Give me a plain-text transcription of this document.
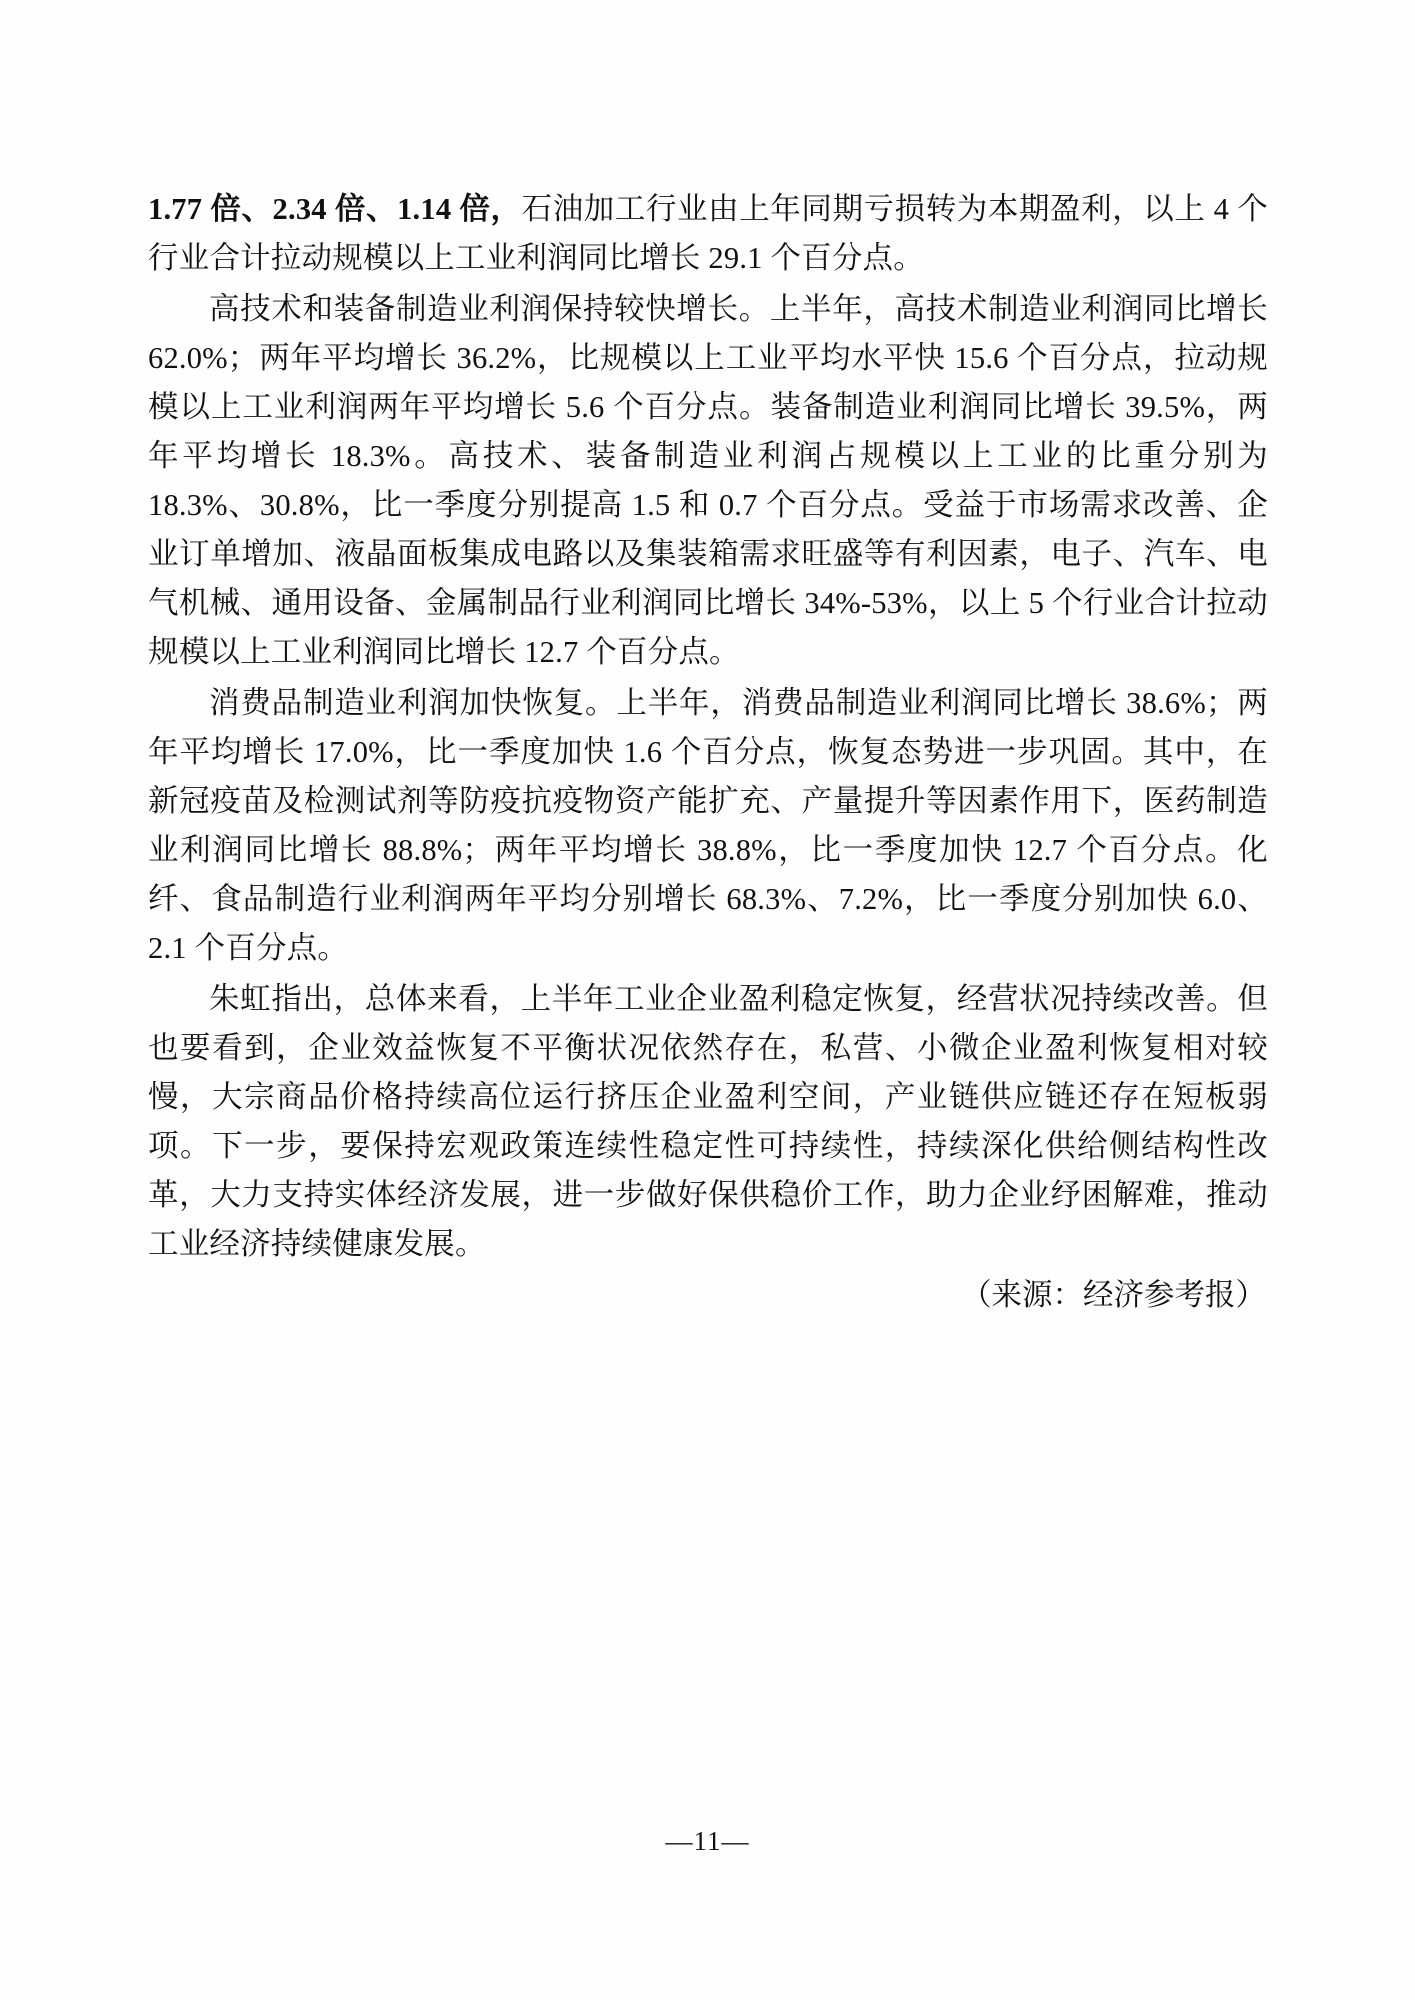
1.77 倍、2.34 倍、1.14 倍，石油加工行业由上年同期亏损转为本期盈利，以上 4 个行业合计拉动规模以上工业利润同比增长 29.1 个百分点。

高技术和装备制造业利润保持较快增长。上半年，高技术制造业利润同比增长 62.0%；两年平均增长 36.2%，比规模以上工业平均水平快 15.6 个百分点，拉动规模以上工业利润两年平均增长 5.6 个百分点。装备制造业利润同比增长 39.5%，两年平均增长 18.3%。高技术、装备制造业利润占规模以上工业的比重分别为 18.3%、30.8%，比一季度分别提高 1.5 和 0.7 个百分点。受益于市场需求改善、企业订单增加、液晶面板集成电路以及集装箱需求旺盛等有利因素，电子、汽车、电气机械、通用设备、金属制品行业利润同比增长 34%-53%，以上 5 个行业合计拉动规模以上工业利润同比增长 12.7 个百分点。

消费品制造业利润加快恢复。上半年，消费品制造业利润同比增长 38.6%；两年平均增长 17.0%，比一季度加快 1.6 个百分点，恢复态势进一步巩固。其中，在新冠疫苗及检测试剂等防疫抗疫物资产能扩充、产量提升等因素作用下，医药制造业利润同比增长 88.8%；两年平均增长 38.8%，比一季度加快 12.7 个百分点。化纤、食品制造行业利润两年平均分别增长 68.3%、7.2%，比一季度分别加快 6.0、2.1 个百分点。

朱虹指出，总体来看，上半年工业企业盈利稳定恢复，经营状况持续改善。但也要看到，企业效益恢复不平衡状况依然存在，私营、小微企业盈利恢复相对较慢，大宗商品价格持续高位运行挤压企业盈利空间，产业链供应链还存在短板弱项。下一步，要保持宏观政策连续性稳定性可持续性，持续深化供给侧结构性改革，大力支持实体经济发展，进一步做好保供稳价工作，助力企业纾困解难，推动工业经济持续健康发展。

（来源：经济参考报）
—11—
